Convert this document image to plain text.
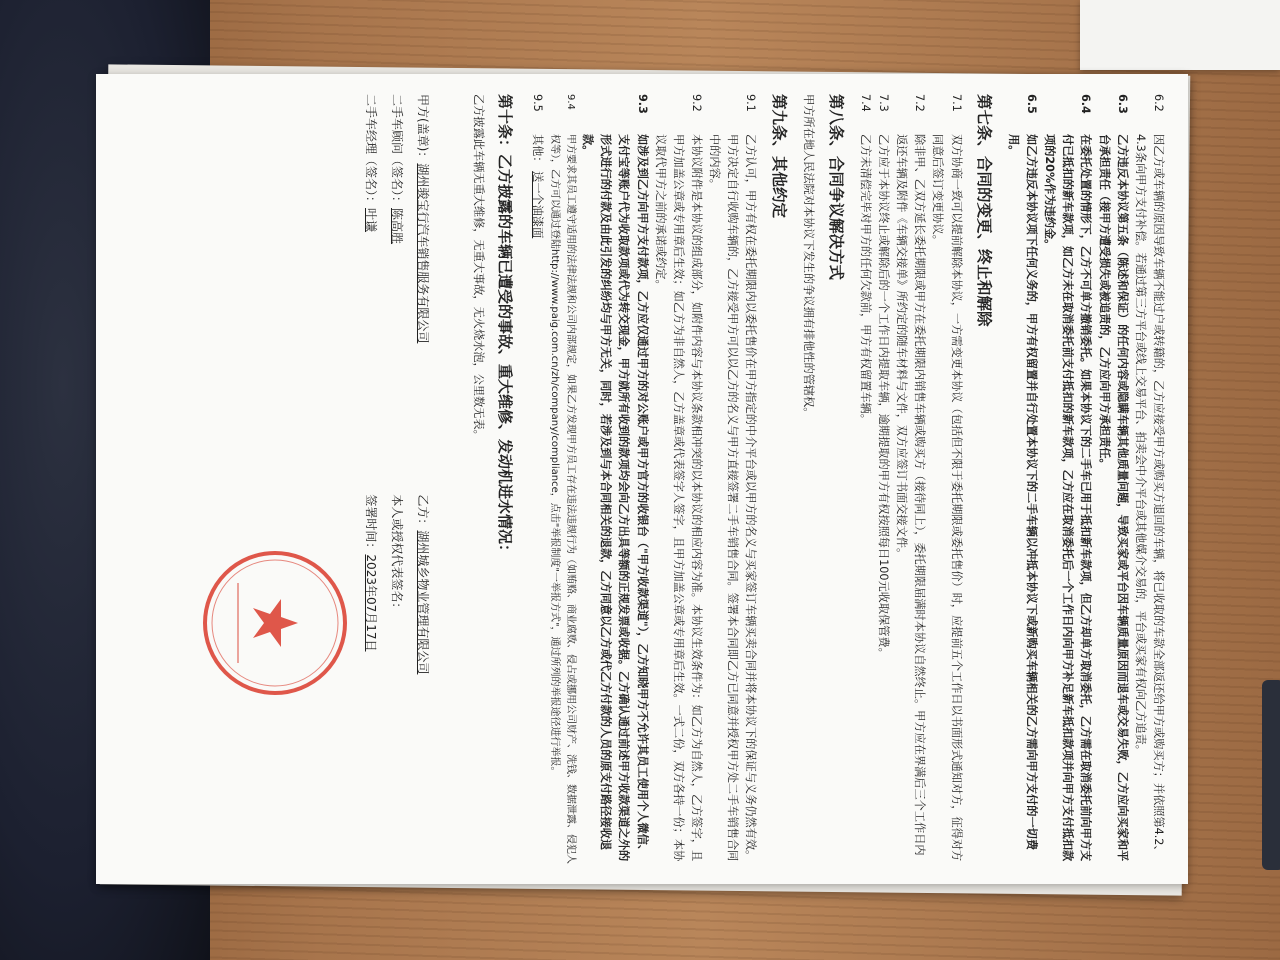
6.2
因乙方或车辆的原因导致车辆不能过户或转籍的，乙方应接受甲方或购买方退回的车辆，将已收取的车款全部返还给甲方或购买方；并依照第4.2、4.3条向甲方支付补偿。若通过第三方平台或线上交易平台、拍卖会中介平台或其他媒介交易的，平台或买家有权向乙方追责。
6.3
乙方违反本协议第五条（陈述和保证）的任何内容或隐瞒车辆其他质量问题，导致买家或平台因车辆质量原因而退车或交易失败，乙方应向买家和平台承担责任（接甲方遭受损失或被追责的，乙方应向甲方承担责任。
6.4
在委托处置的情形下，乙方不可单方撤销委托。如果本协议下的二手车已用于抵扣新车款项，但乙方却单方取消委托，乙方需在取消委托前向甲方支付已抵扣的新车款项，如乙方未在取消委托前支付抵扣的新车款项，乙方应在取消委托后一个工作日内向甲方补足新车抵扣款项并向甲方支付抵扣款项的20%作为违约金。
6.5
如乙方违反本协议项下任何义务的，甲方有权留置并自行处置本协议下的二手车辆以冲抵本协议下或新购买车辆相关的乙方需向甲方支付的一切费用。
第七条、合同的变更、终止和解除
7.1
双方协商一致可以提前解除本协议，一方需变更本协议（包括但不限于委托期限或委托售价）时，应提前五个工作日以书面形式通知对方，征得对方同意后签订变更协议。
7.2
除非甲、乙双方延长委托期限或甲方在委托期限内销售车辆或购买方（接待同上），委托期限届满时本协议自然终止。甲方应在界满后三个工作日内返还车辆及附件《车辆交接单》所约定的随车材料与文件，双方应签订书面交接文件。
7.3
乙方应于本协议终止或解除后的一个工作日内提取车辆，逾期提取的甲方有权按照每日100元收取保管费。
7.4
乙方未清偿完毕对甲方的任何欠款前，甲方有权留置车辆。
第八条、合同争议解决方式

甲方所在地人民法院对本协议下发生的争议拥有排他性的管辖权。

第九条、其他约定
9.1
乙方认可，甲方有权在委托期限内以委托售价在甲方指定的中介平台或以甲方的名义与买家签订车辆买卖合同并将本协议下的保证与义务仍然有效。甲方决定自行收购车辆的，乙方接受甲方可以以乙方的名义与甲方直接签署二手车销售合同。签署本合同即乙方已同意并授权甲方处二手车销售合同中的内容。
9.2
本协议附件是本协议的组成部分，如附件内容与本协议条款相冲突的以本协议的相应内容为准。本协议生效条件为：如乙方为自然人，乙方签字，且甲方加盖公章或专用章后生效；如乙方为非自然人，乙方盖章或代表签字人签字，且甲方加盖公章或专用章后生效。一式二份，双方各持一份；本协议取代甲方之前的承诺或约定。
9.3
如涉及到乙方向甲方支付款项，乙方应仅通过甲方的对公账户或甲方官方的收银台（"甲方收款渠道"），乙方知晓甲方不允许其员工使用个人微信、支付宝等账户代为收取款项或代为转交现金，甲方就所有收到的款项均会向乙方出具等额的正规发票或收据。乙方确认通过前述甲方收款渠道之外的形式进行的付款及由此引发的纠纷均与甲方无关，同时，若涉及到与本合同相关的退款，乙方同意以乙方或代乙方付款的人员的原支付路径接收退款。
9.4
甲方要求其员工遵守适用的法律法规和公司内部规定，如果乙方发现甲方员工存在违法违规行为（如贿赂、商业腐败、侵占或挪用公司财产、洗钱、数据泄露、侵犯人权等），乙方可以通过登陆http://www.paig.com.cn/zh/company/compliance，点击"举报制度"一举报方式"，通过所列的举报途径进行举报。
9.5
其他： 送一个油漆面
第十条：乙方披露的车辆已遭受的事故、重大维修、发动机进水情况：

乙方披露此车辆无重大维修，无重大事故，无火烧水泡，公里数无表。

甲方(盖章)：
湖州骏宝行汽车销售服务有限公司
二手车顾问（签名）：
陈高胜
二手车经理（签名）：
叶谦
乙方：
湖州城乡物业管理有限公司
本人或授权代表签名：
签署时间：
2023年07月17日
